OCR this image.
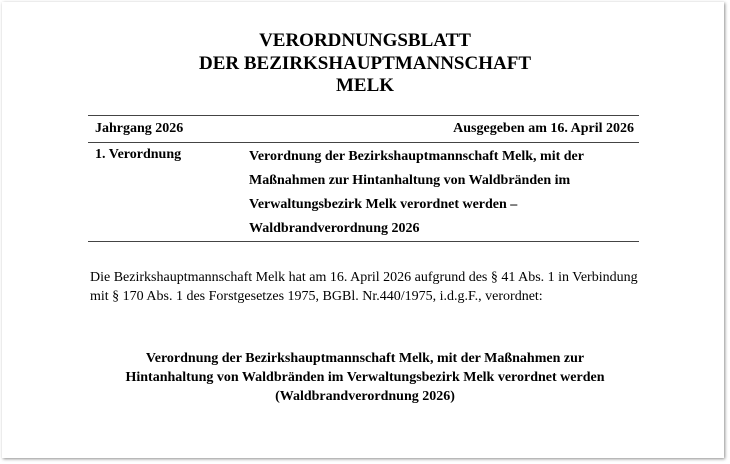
VERORDNUNGSBLATT
DER BEZIRKSHAUPTMANNSCHAFT
MELK
Jahrgang 2026	Ausgegeben am 16. April 2026
1. Verordnung	Verordnung der Bezirkshauptmannschaft Melk, mit der Maßnahmen zur Hintanhaltung von Waldbränden im Verwaltungsbezirk Melk verordnet werden – Waldbrandverordnung 2026
Die Bezirkshauptmannschaft Melk hat am 16. April 2026 aufgrund des § 41 Abs. 1 in Verbindung mit § 170 Abs. 1 des Forstgesetzes 1975, BGBl. Nr.440/1975, i.d.g.F., verordnet:
Verordnung der Bezirkshauptmannschaft Melk, mit der Maßnahmen zur
Hintanhaltung von Waldbränden im Verwaltungsbezirk Melk verordnet werden
(Waldbrandverordnung 2026)
